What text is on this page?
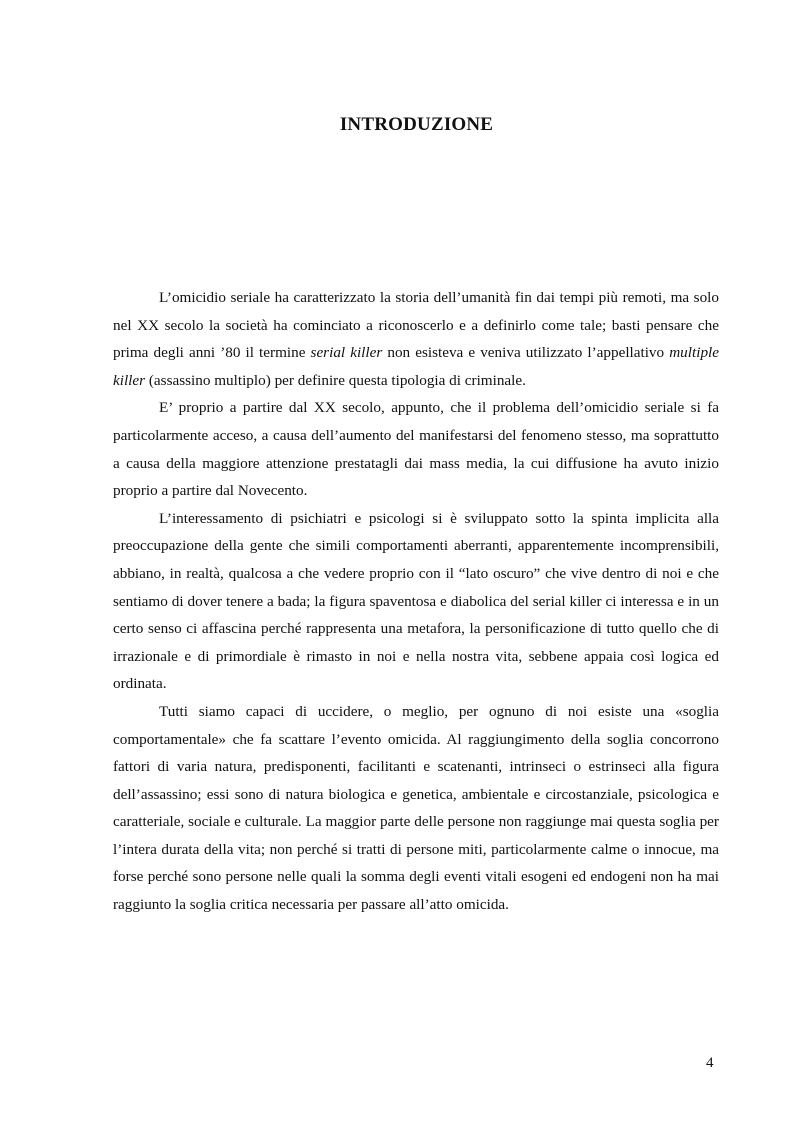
INTRODUZIONE

L’omicidio seriale ha caratterizzato la storia dell’umanità fin dai tempi più remoti, ma solo nel XX secolo la società ha cominciato a riconoscerlo e a definirlo come tale; basti pensare che prima degli anni ’80 il termine serial killer non esisteva e veniva utilizzato l’appellativo multiple killer (assassino multiplo) per definire questa tipologia di criminale.

E’ proprio a partire dal XX secolo, appunto, che il problema dell’omicidio seriale si fa particolarmente acceso, a causa dell’aumento del manifestarsi del fenomeno stesso, ma soprattutto a causa della maggiore attenzione prestatagli dai mass media, la cui diffusione ha avuto inizio proprio a partire dal Novecento.

L’interessamento di psichiatri e psicologi si è sviluppato sotto la spinta implicita alla preoccupazione della gente che simili comportamenti aberranti, apparentemente incomprensibili, abbiano, in realtà, qualcosa a che vedere proprio con il “lato oscuro” che vive dentro di noi e che sentiamo di dover tenere a bada; la figura spaventosa e diabolica del serial killer ci interessa e in un certo senso ci affascina perché rappresenta una metafora, la personificazione di tutto quello che di irrazionale e di primordiale è rimasto in noi e nella nostra vita, sebbene appaia così logica ed ordinata.

Tutti siamo capaci di uccidere, o meglio, per ognuno di noi esiste una «soglia comportamentale» che fa scattare l’evento omicida. Al raggiungimento della soglia concorrono fattori di varia natura, predisponenti, facilitanti e scatenanti, intrinseci o estrinseci alla figura dell’assassino; essi sono di natura biologica e genetica, ambientale e circostanziale, psicologica e caratteriale, sociale e culturale. La maggior parte delle persone non raggiunge mai questa soglia per l’intera durata della vita; non perché si tratti di persone miti, particolarmente calme o innocue, ma forse perché sono persone nelle quali la somma degli eventi vitali esogeni ed endogeni non ha mai raggiunto la soglia critica necessaria per passare all’atto omicida.

4
